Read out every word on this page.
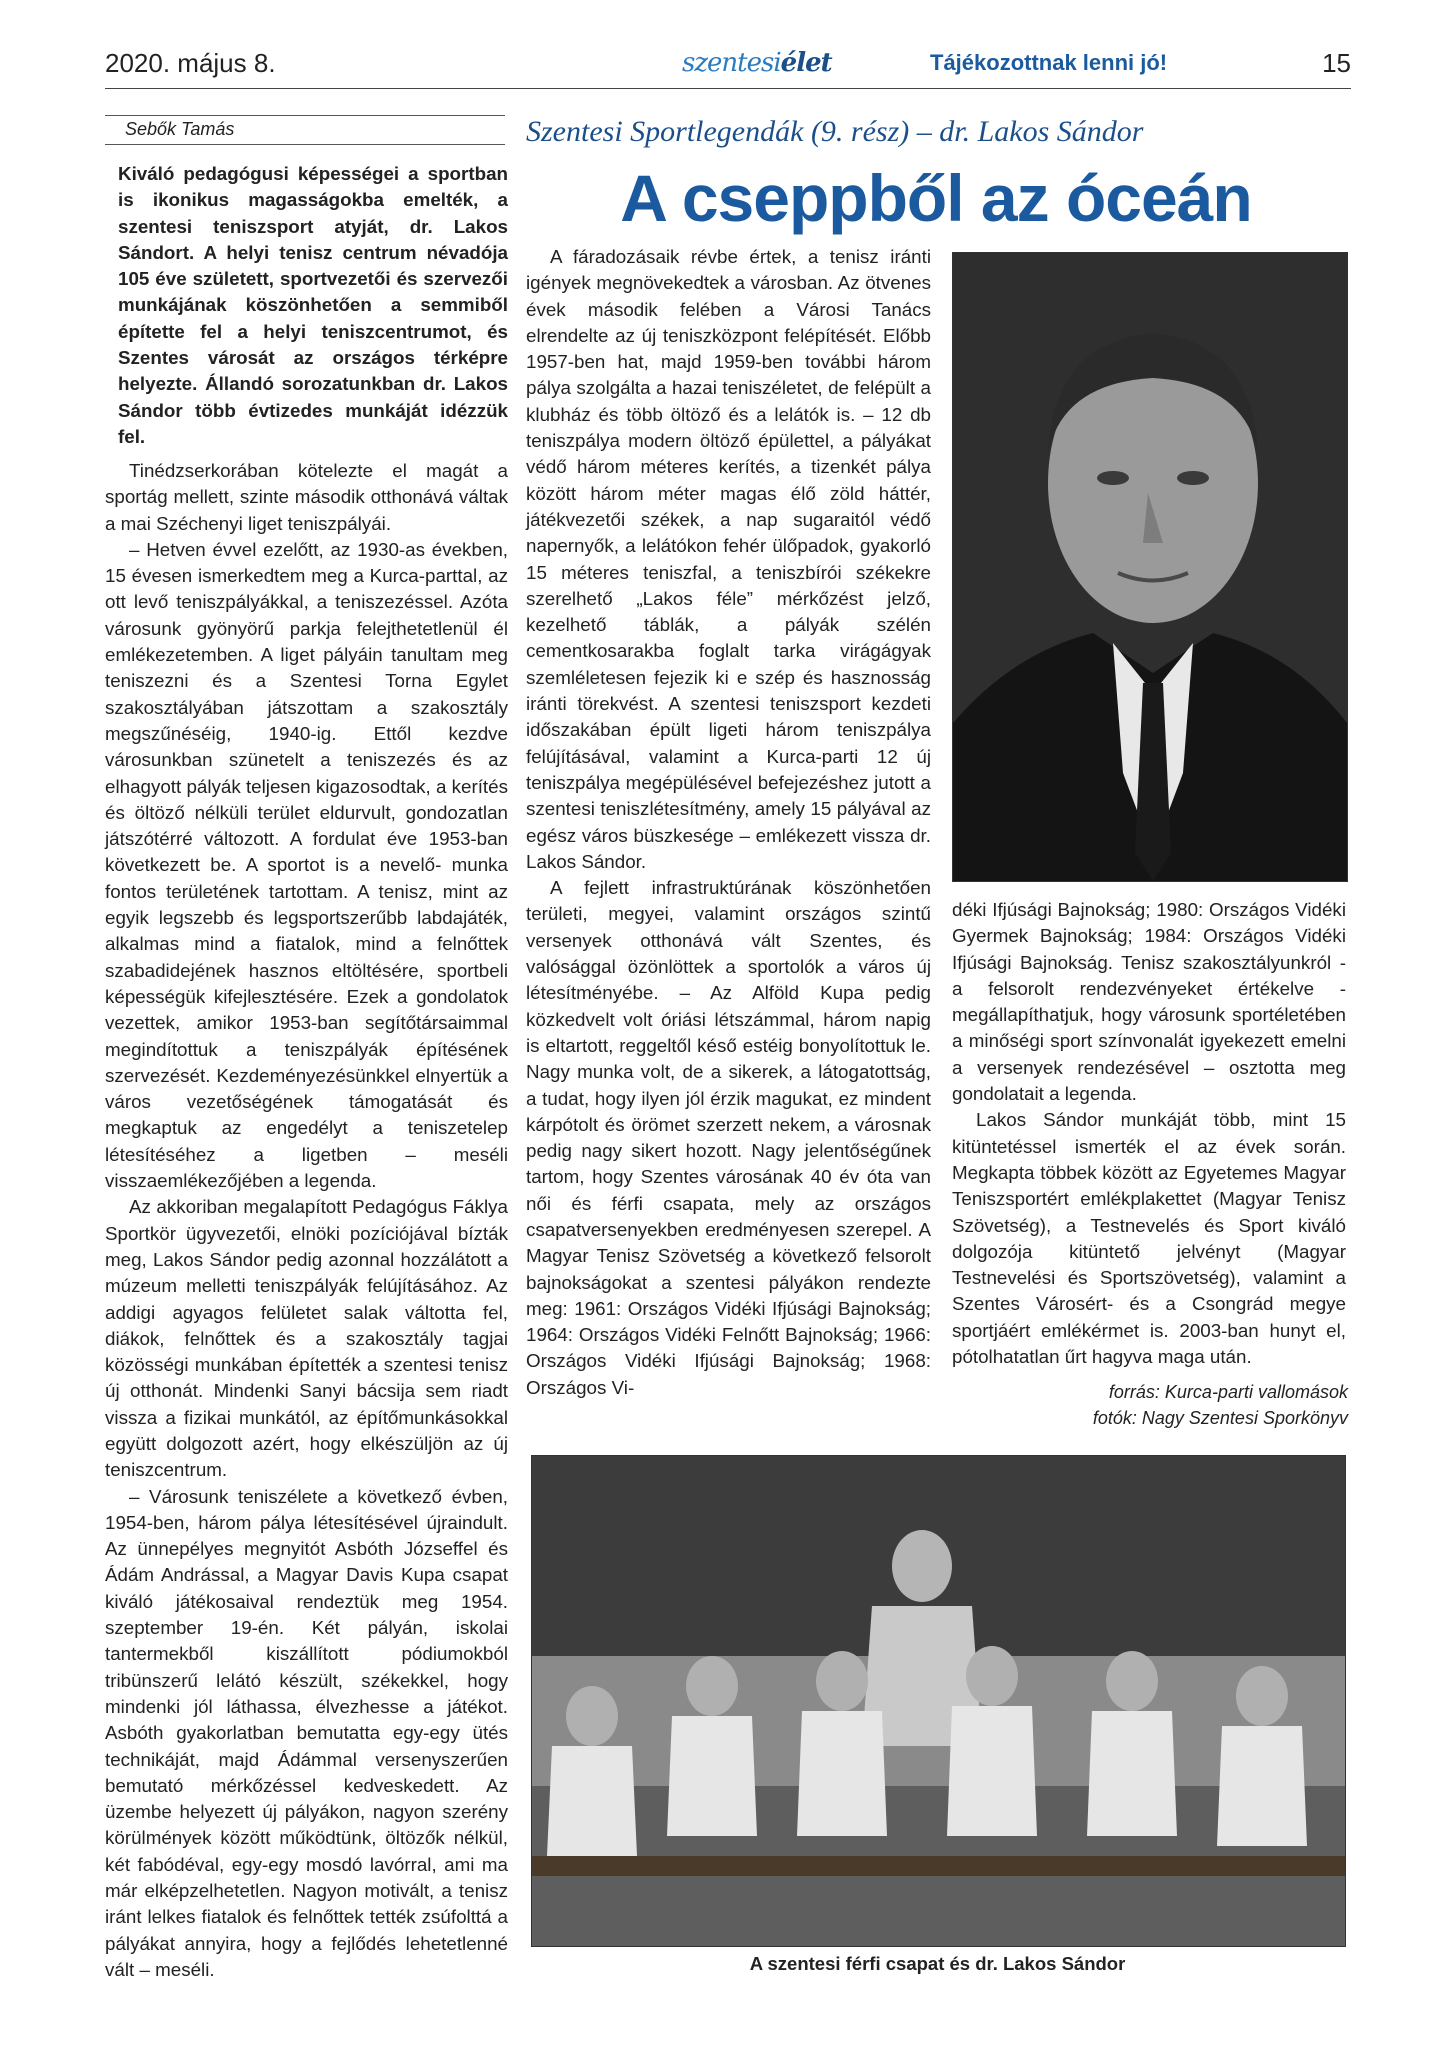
2020. május 8.	szentesiélet	Tájékozottnak lenni jó!	15
Sebők Tamás

Kiváló pedagógusi képességei a sportban is ikonikus magasságokba emelték, a szentesi teniszsport atyját, dr. Lakos Sándort. A helyi tenisz centrum névadója 105 éve született, sportvezetői és szervezői munkájának köszönhetően a semmiből építette fel a helyi teniszcentrumot, és Szentes városát az országos térképre helyezte. Állandó sorozatunkban dr. Lakos Sándor több évtizedes munkáját idézzük fel.

Tinédzserkorában kötelezte el magát a sportág mellett, szinte második otthonává váltak a mai Széchenyi liget teniszpályái.

– Hetven évvel ezelőtt, az 1930-as években, 15 évesen ismerkedtem meg a Kurca-parttal, az ott levő teniszpályákkal, a teniszezéssel. Azóta városunk gyönyörű parkja felejthetetlenül él emlékezetemben. A liget pályáin tanultam meg teniszezni és a Szentesi Torna Egylet szakosztályában játszottam a szakosztály megszűnéséig, 1940-ig. Ettől kezdve városunkban szünetelt a teniszezés és az elhagyott pályák teljesen kigazosodtak, a kerítés és öltöző nélküli terület eldurvult, gondozatlan játszótérré változott. A fordulat éve 1953-ban következett be. A sportot is a nevelő- munka fontos területének tartottam. A tenisz, mint az egyik legszebb és legsportszerűbb labdajáték, alkalmas mind a fiatalok, mind a felnőttek szabadidejének hasznos eltöltésére, sportbeli képességük kifejlesztésére. Ezek a gondolatok vezettek, amikor 1953-ban segítőtársaimmal megindítottuk a teniszpályák építésének szervezését. Kezdeményezésünkkel elnyertük a város vezetőségének támogatását és megkaptuk az engedélyt a teniszetelep létesítéséhez a ligetben – meséli visszaemlékezőjében a legenda.

Az akkoriban megalapított Pedagógus Fáklya Sportkör ügyvezetői, elnöki pozíciójával bízták meg, Lakos Sándor pedig azonnal hozzálátott a múzeum melletti teniszpályák felújításához. Az addigi agyagos felületet salak váltotta fel, diákok, felnőttek és a szakosztály tagjai közösségi munkában építették a szentesi tenisz új otthonát. Mindenki Sanyi bácsija sem riadt vissza a fizikai munkától, az építőmunkásokkal együtt dolgozott azért, hogy elkészüljön az új teniszcentrum.

– Városunk teniszélete a következő évben, 1954-ben, három pálya létesítésével újraindult. Az ünnepélyes megnyitót Asbóth Józseffel és Ádám Andrással, a Magyar Davis Kupa csapat kiváló játékosaival rendeztük meg 1954. szeptember 19-én. Két pályán, iskolai tantermekből kiszállított pódiumokból tribünszerű lelátó készült, székekkel, hogy mindenki jól láthassa, élvezhesse a játékot. Asbóth gyakorlatban bemutatta egy-egy ütés technikáját, majd Ádámmal versenyszerűen bemutató mérkőzéssel kedveskedett. Az üzembe helyezett új pályákon, nagyon szerény körülmények között működtünk, öltözők nélkül, két fabódéval, egy-egy mosdó lavórral, ami ma már elképzelhetetlen. Nagyon motivált, a tenisz iránt lelkes fiatalok és felnőttek tették zsúfolttá a pályákat annyira, hogy a fejlődés lehetetlenné vált – meséli.

Szentesi Sportlegendák (9. rész) – dr. Lakos Sándor
A cseppből az óceán

A fáradozásaik révbe értek, a tenisz iránti igények megnövekedtek a városban. Az ötvenes évek második felében a Városi Tanács elrendelte az új teniszközpont felépítését. Előbb 1957-ben hat, majd 1959-ben további három pálya szolgálta a hazai teniszéletet, de felépült a klubház és több öltöző és a lelátók is. – 12 db teniszpálya modern öltöző épülettel, a pályákat védő három méteres kerítés, a tizenkét pálya között három méter magas élő zöld háttér, játékvezetői székek, a nap sugaraitól védő napernyők, a lelátókon fehér ülőpadok, gyakorló 15 méteres teniszfal, a teniszbírói székekre szerelhető „Lakos féle” mérkőzést jelző, kezelhető táblák, a pályák szélén cementkosarakba foglalt tarka virágágyak szemléletesen fejezik ki e szép és hasznosság iránti törekvést. A szentesi teniszsport kezdeti időszakában épült ligeti három teniszpálya felújításával, valamint a Kurca-parti 12 új teniszpálya megépülésével befejezéshez jutott a szentesi teniszlétesítmény, amely 15 pályával az egész város büszkesége – emlékezett vissza dr. Lakos Sándor.

A fejlett infrastruktúrának köszönhetően területi, megyei, valamint országos szintű versenyek otthonává vált Szentes, és valósággal özönlöttek a sportolók a város új létesítményébe. – Az Alföld Kupa pedig közkedvelt volt óriási létszámmal, három napig is eltartott, reggeltől késő estéig bonyolítottuk le. Nagy munka volt, de a sikerek, a látogatottság, a tudat, hogy ilyen jól érzik magukat, ez mindent kárpótolt és örömet szerzett nekem, a városnak pedig nagy sikert hozott. Nagy jelentőségűnek tartom, hogy Szentes városának 40 év óta van női és férfi csapata, mely az országos csapatversenyekben eredményesen szerepel. A Magyar Tenisz Szövetség a következő felsorolt bajnokságokat a szentesi pályákon rendezte meg: 1961: Országos Vidéki Ifjúsági Bajnokság; 1964: Országos Vidéki Felnőtt Bajnokság; 1966: Országos Vidéki Ifjúsági Bajnokság; 1968: Országos Vi-

déki Ifjúsági Bajnokság; 1980: Országos Vidéki Gyermek Bajnokság; 1984: Országos Vidéki Ifjúsági Bajnokság. Tenisz szakosztályunkról - a felsorolt rendezvényeket értékelve - megállapíthatjuk, hogy városunk sportéletében a minőségi sport színvonalát igyekezett emelni a versenyek rendezésével – osztotta meg gondolatait a legenda.

Lakos Sándor munkáját több, mint 15 kitüntetéssel ismerték el az évek során. Megkapta többek között az Egyetemes Magyar Teniszsportért emlékplakettet (Magyar Tenisz Szövetség), a Testnevelés és Sport kiváló dolgozója kitüntető jelvényt (Magyar Testnevelési és Sportszövetség), valamint a Szentes Városért- és a Csongrád megye sportjáért emlékérmet is. 2003-ban hunyt el, pótolhatatlan űrt hagyva maga után.

forrás: Kurca-parti vallomások
fotók: Nagy Szentesi Sporkönyv
A szentesi férfi csapat és dr. Lakos Sándor
